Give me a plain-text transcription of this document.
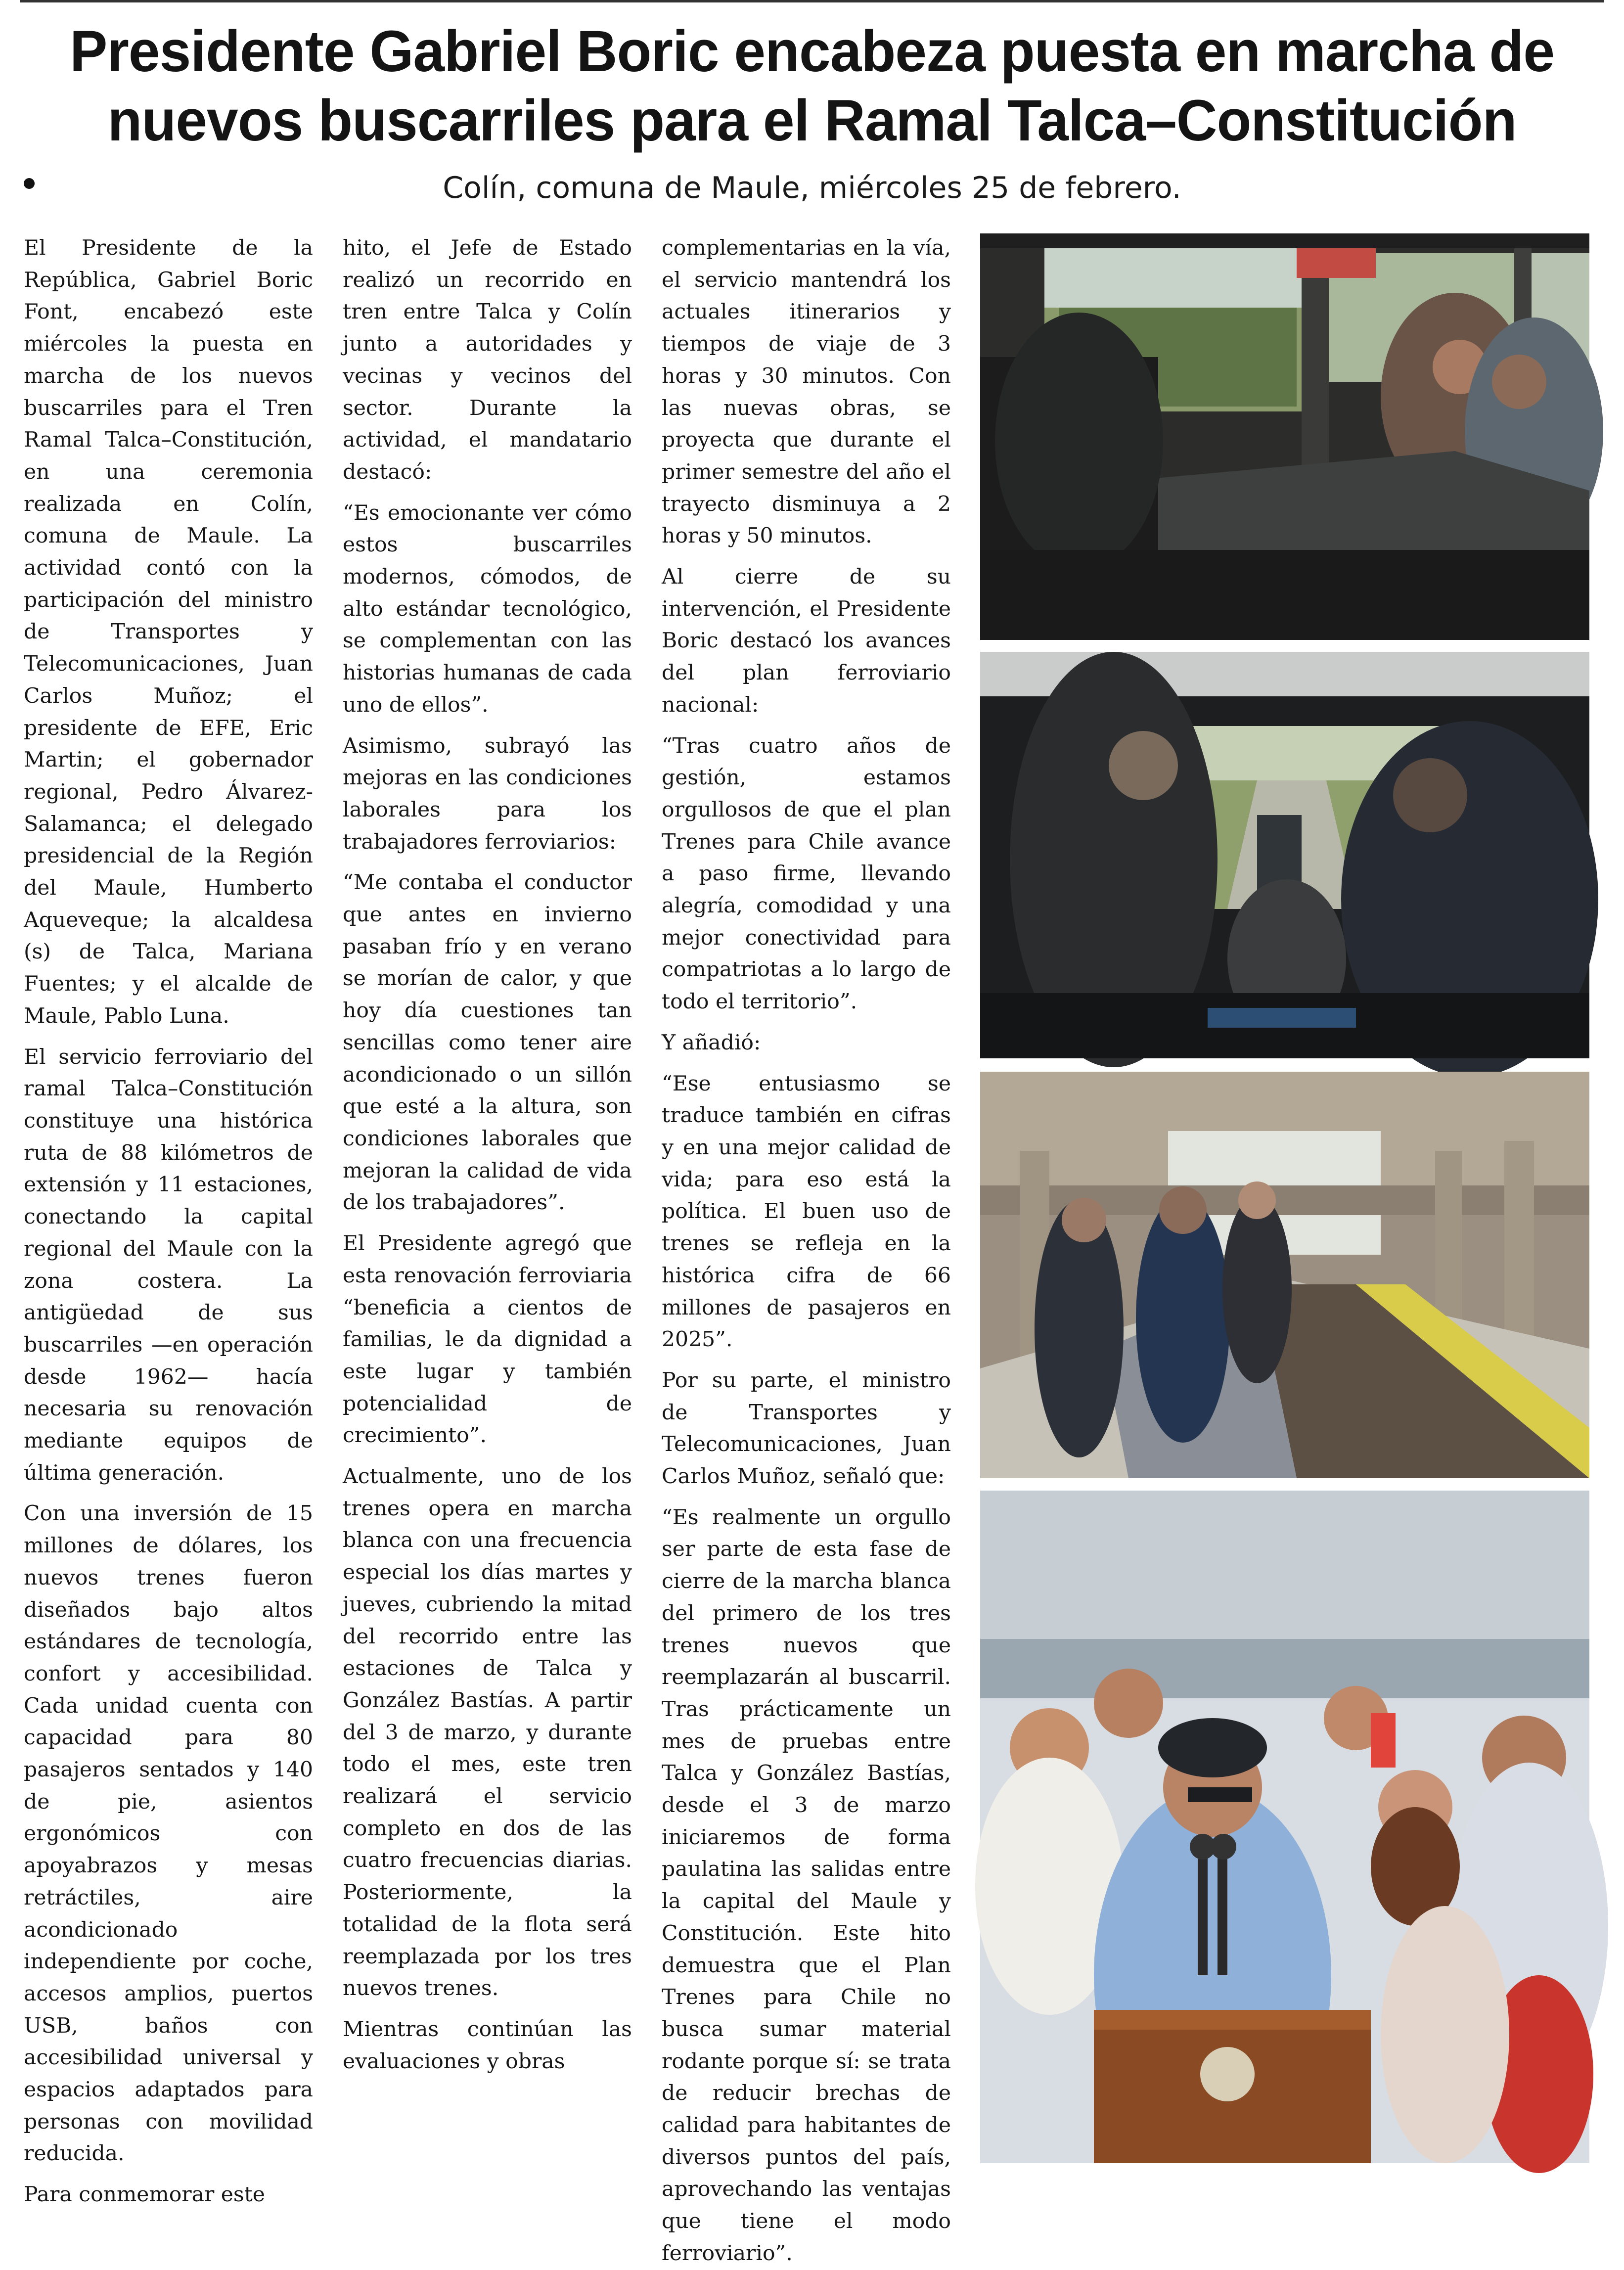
Presidente Gabriel Boric encabeza puesta en marcha de
nuevos buscarriles para el Ramal Talca–Constitución
Colín, comuna de Maule, miércoles 25 de febrero.

El Presidente de la República, Gabriel Boric Font, encabezó este miércoles la puesta en marcha de los nuevos buscarriles para el Tren Ramal Talca–Constitución, en una ceremonia realizada en Colín, comuna de Maule. La actividad contó con la participación del ministro de Transportes y Telecomunicaciones, Juan Carlos Muñoz; el presidente de EFE, Eric Martin; el gobernador regional, Pedro Álvarez-Salamanca; el delegado presidencial de la Región del Maule, Humberto Aqueveque; la alcaldesa (s) de Talca, Mariana Fuentes; y el alcalde de Maule, Pablo Luna.

El servicio ferroviario del ramal Talca–Constitución constituye una histórica ruta de 88 kilómetros de extensión y 11 estaciones, conectando la capital regional del Maule con la zona costera. La antigüedad de sus buscarriles —en operación desde 1962— hacía necesaria su renovación mediante equipos de última generación.

Con una inversión de 15 millones de dólares, los nuevos trenes fueron diseñados bajo altos estándares de tecnología, confort y accesibilidad. Cada unidad cuenta con capacidad para 80 pasajeros sentados y 140 de pie, asientos ergonómicos con apoyabrazos y mesas retráctiles, aire acondicionado independiente por coche, accesos amplios, puertos USB, baños con accesibilidad universal y espacios adaptados para personas con movilidad reducida.

Para conmemorar este

hito, el Jefe de Estado realizó un recorrido en tren entre Talca y Colín junto a autoridades y vecinas y vecinos del sector. Durante la actividad, el mandatario destacó:

“Es emocionante ver cómo estos buscarriles modernos, cómodos, de alto estándar tecnológico, se complementan con las historias humanas de cada uno de ellos”.

Asimismo, subrayó las mejoras en las condiciones laborales para los trabajadores ferroviarios:

“Me contaba el conductor que antes en invierno pasaban frío y en verano se morían de calor, y que hoy día cuestiones tan sencillas como tener aire acondicionado o un sillón que esté a la altura, son condiciones laborales que mejoran la calidad de vida de los trabajadores”.

El Presidente agregó que esta renovación ferroviaria “beneficia a cientos de familias, le da dignidad a este lugar y también potencialidad de crecimiento”.

Actualmente, uno de los trenes opera en marcha blanca con una frecuencia especial los días martes y jueves, cubriendo la mitad del recorrido entre las estaciones de Talca y González Bastías. A partir del 3 de marzo, y durante todo el mes, este tren realizará el servicio completo en dos de las cuatro frecuencias diarias. Posteriormente, la totalidad de la flota será reemplazada por los tres nuevos trenes.

Mientras continúan las evaluaciones y obras

complementarias en la vía, el servicio mantendrá los actuales itinerarios y tiempos de viaje de 3 horas y 30 minutos. Con las nuevas obras, se proyecta que durante el primer semestre del año el trayecto disminuya a 2 horas y 50 minutos.

Al cierre de su intervención, el Presidente Boric destacó los avances del plan ferroviario nacional:

“Tras cuatro años de gestión, estamos orgullosos de que el plan Trenes para Chile avance a paso firme, llevando alegría, comodidad y una mejor conectividad para compatriotas a lo largo de todo el territorio”.

Y añadió:

“Ese entusiasmo se traduce también en cifras y en una mejor calidad de vida; para eso está la política. El buen uso de trenes se refleja en la histórica cifra de 66 millones de pasajeros en 2025”.

Por su parte, el ministro de Transportes y Telecomunicaciones, Juan Carlos Muñoz, señaló que:

“Es realmente un orgullo ser parte de esta fase de cierre de la marcha blanca del primero de los tres trenes nuevos que reemplazarán al buscarril. Tras prácticamente un mes de pruebas entre Talca y González Bastías, desde el 3 de marzo iniciaremos de forma paulatina las salidas entre la capital del Maule y Constitución. Este hito demuestra que el Plan Trenes para Chile no busca sumar material rodante porque sí: se trata de reducir brechas de calidad para habitantes de diversos puntos del país, aprovechando las ventajas que tiene el modo ferroviario”.
